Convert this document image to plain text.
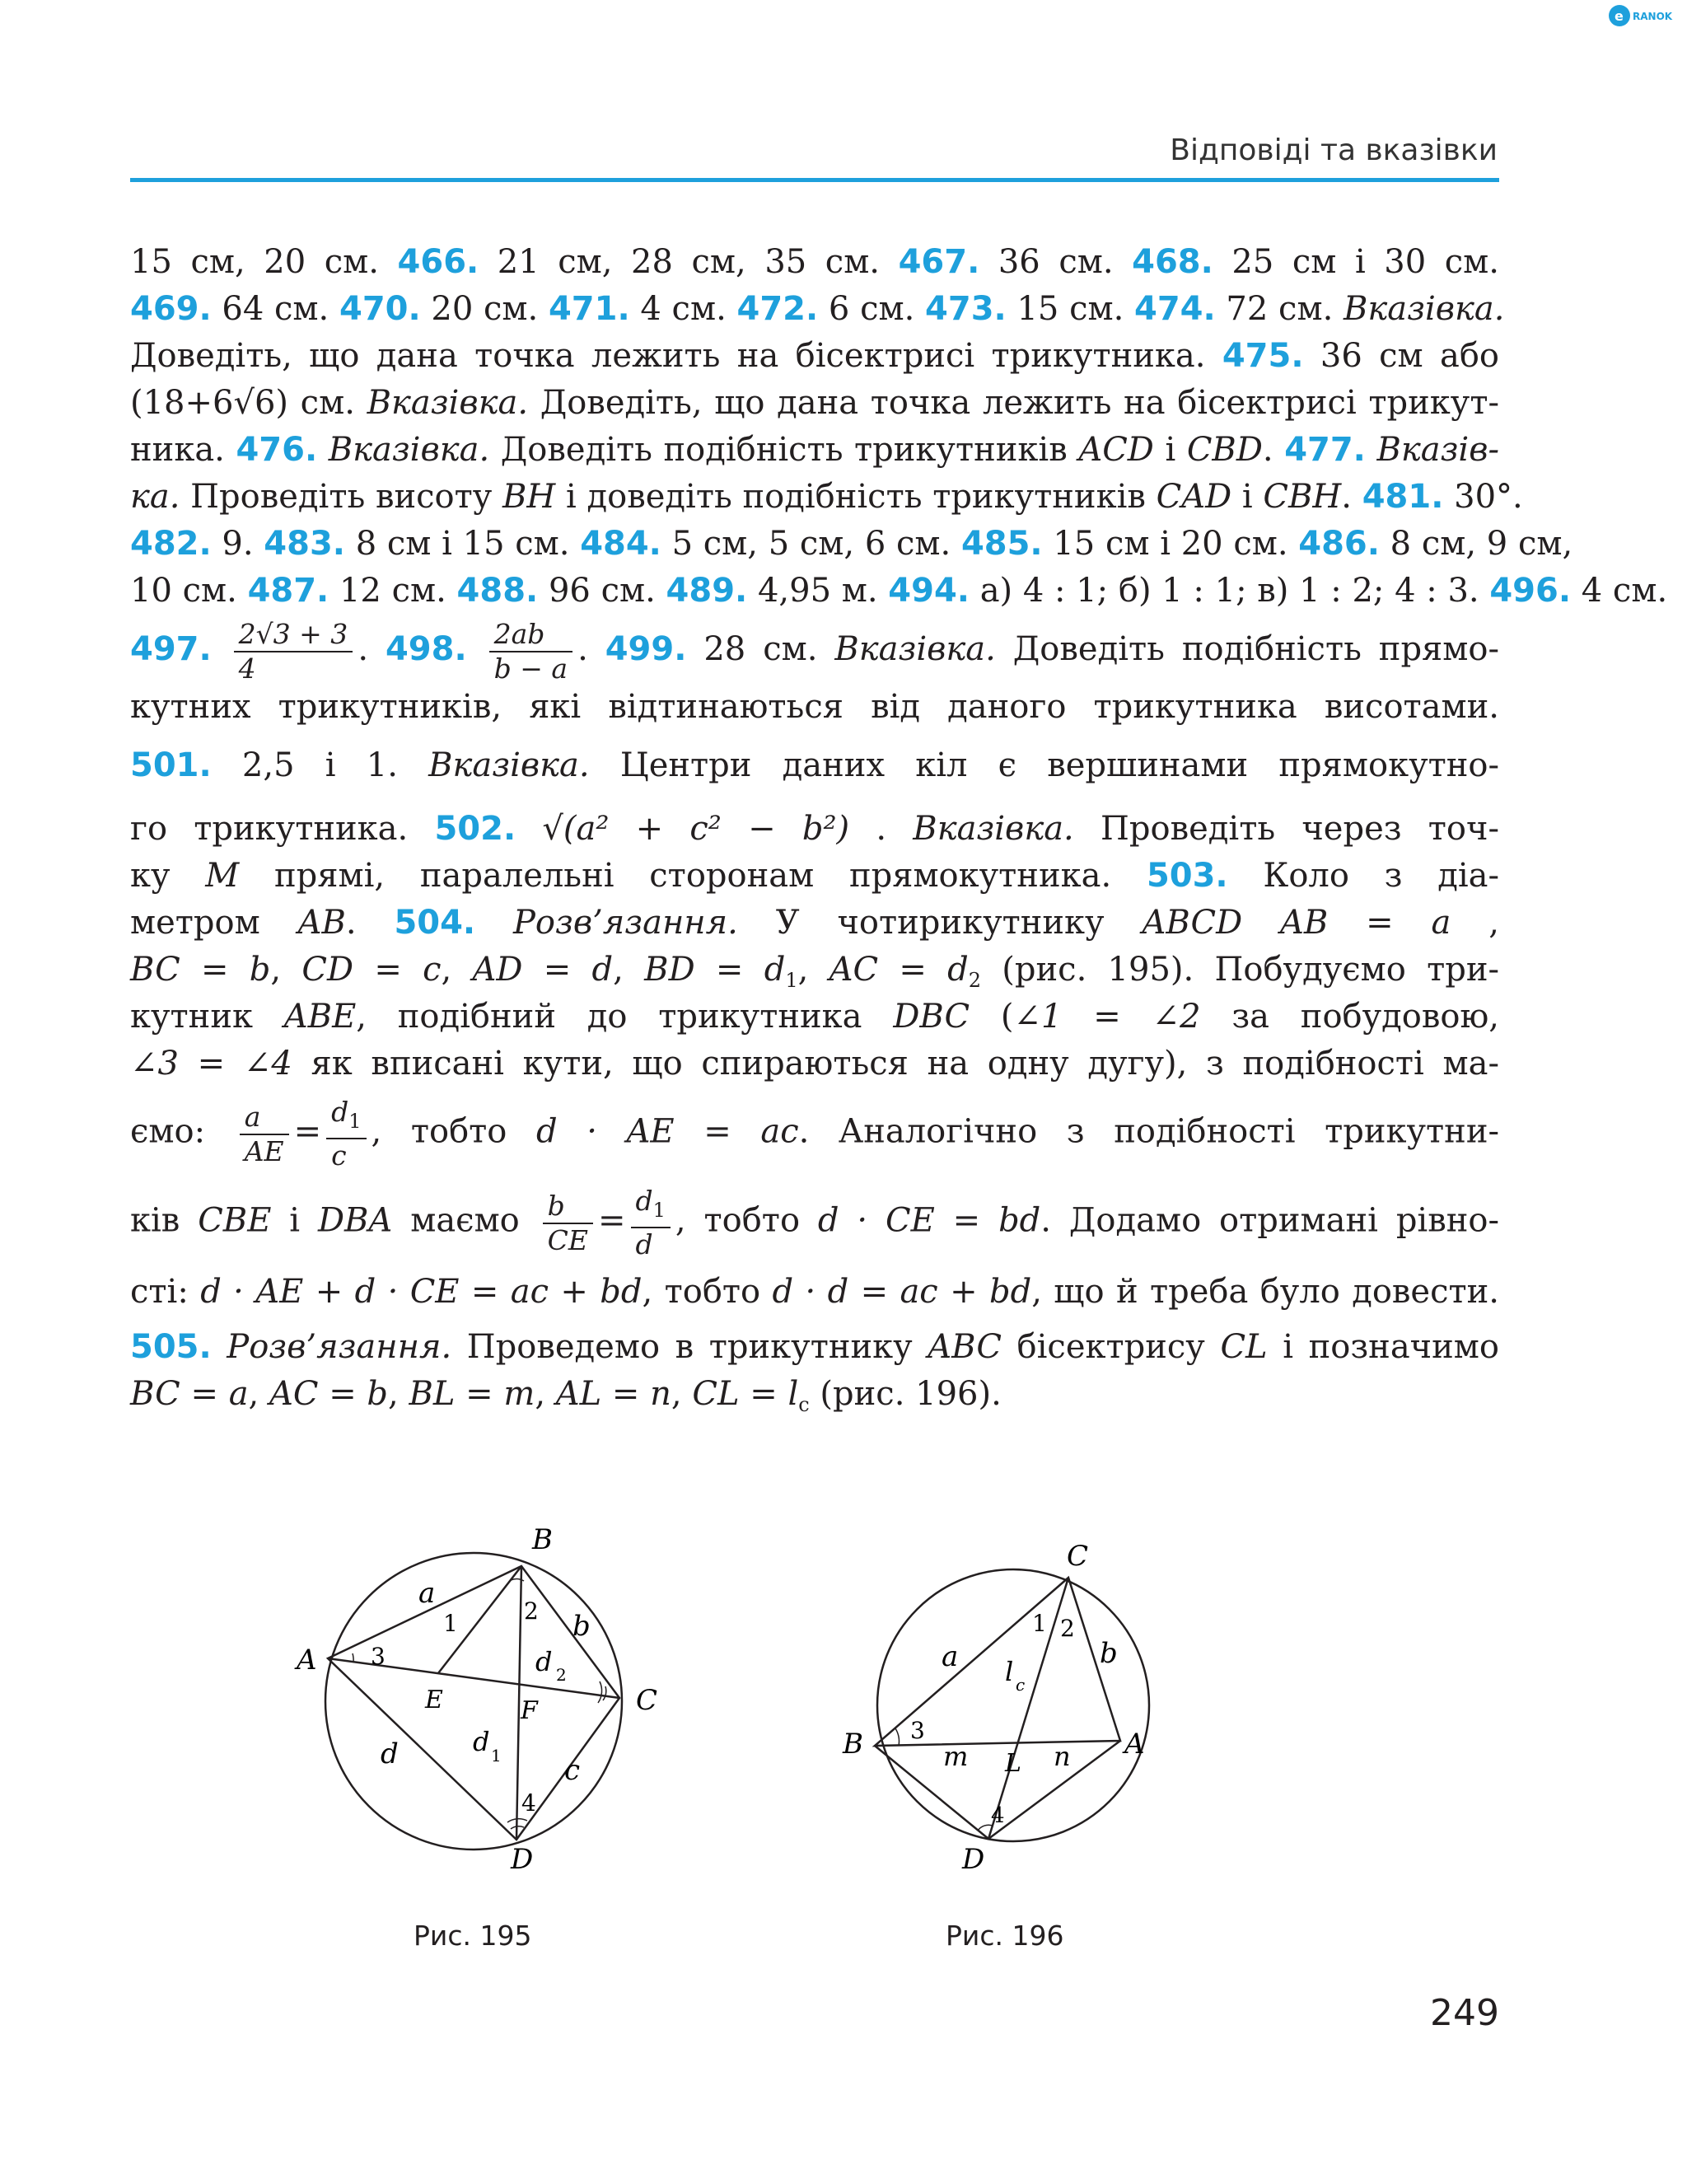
e RANOK
Відповіді та вказівки
15 см, 20 см. 466. 21 см, 28 см, 35 см. 467. 36 см. 468. 25 см і 30 см.
469. 64 см. 470. 20 см. 471. 4 см. 472. 6 см. 473. 15 см. 474. 72 см. Вказівка.
Доведіть, що дана точка лежить на бісектрисі трикутника. 475. 36 см або
(18+6√6) см. Вказівка. Доведіть, що дана точка лежить на бісектрисі трикут-
ника. 476. Вказівка. Доведіть подібність трикутників ACD і CBD. 477. Вказів-
ка. Проведіть висоту BH і доведіть подібність трикутників CAD і CBH. 481. 30°.
482. 9. 483. 8 см і 15 см. 484. 5 см, 5 см, 6 см. 485. 15 см і 20 см. 486. 8 см, 9 см,
10 см. 487. 12 см. 488. 96 см. 489. 4,95 м. 494. а) 4 : 1; б) 1 : 1; в) 1 : 2; 4 : 3. 496. 4 см.
497. $\frac{2√3 + 3}{4}$ . 498. $\frac{2ab}{b - a}$ . 499. 28 см. Вказівка. Доведіть подібність прямо-
кутних трикутників, які відтинаються від даного трикутника висотами.
501. 2,5 і 1. Вказівка. Центри даних кіл є вершинами прямокутно-
го трикутника. 502. √(a² + c² − b²) . Вказівка. Проведіть через точ-
ку M прямі, паралельні сторонам прямокутника. 503. Коло з діа-
метром AB. 504. Розв’язання. У чотирикутнику ABCD AB = a ,
BC = b, CD = c, AD = d, BD = $d_1$, AC = $d_2$ (рис. 195). Побудуємо три-
кутник ABE, подібний до трикутника DBC (∠1 = ∠2 за побудовою,
∠3 = ∠4 як вписані кути, що спираються на одну дугу), з подібності ма-
ємо: $\frac{a}{AE} = \frac{d_1}{c}$ , тобто d · AE = ac. Аналогічно з подібності трикутни-
ків CBE і DBA маємо $\frac{b}{CE} = \frac{d_1}{d}$ , тобто d · CE = bd. Додамо отримані рівно-
сті: d · AE + d · CE = ac + bd, тобто d · d = ac + bd, що й треба було довести.
505. Розв’язання. Проведемо в трикутнику ABC бісектрису CL і позначимо
BC = a, AC = b, BL = m, AL = n, CL = $l_c$ (рис. 196).
B
A
C
D
E	F
a
b
c
d	d 1
d 2
1	2
3
4
Рис. 195
C
B	A
D
L
a	b
m	n
l c
1 2
3
4
Рис. 196
249
